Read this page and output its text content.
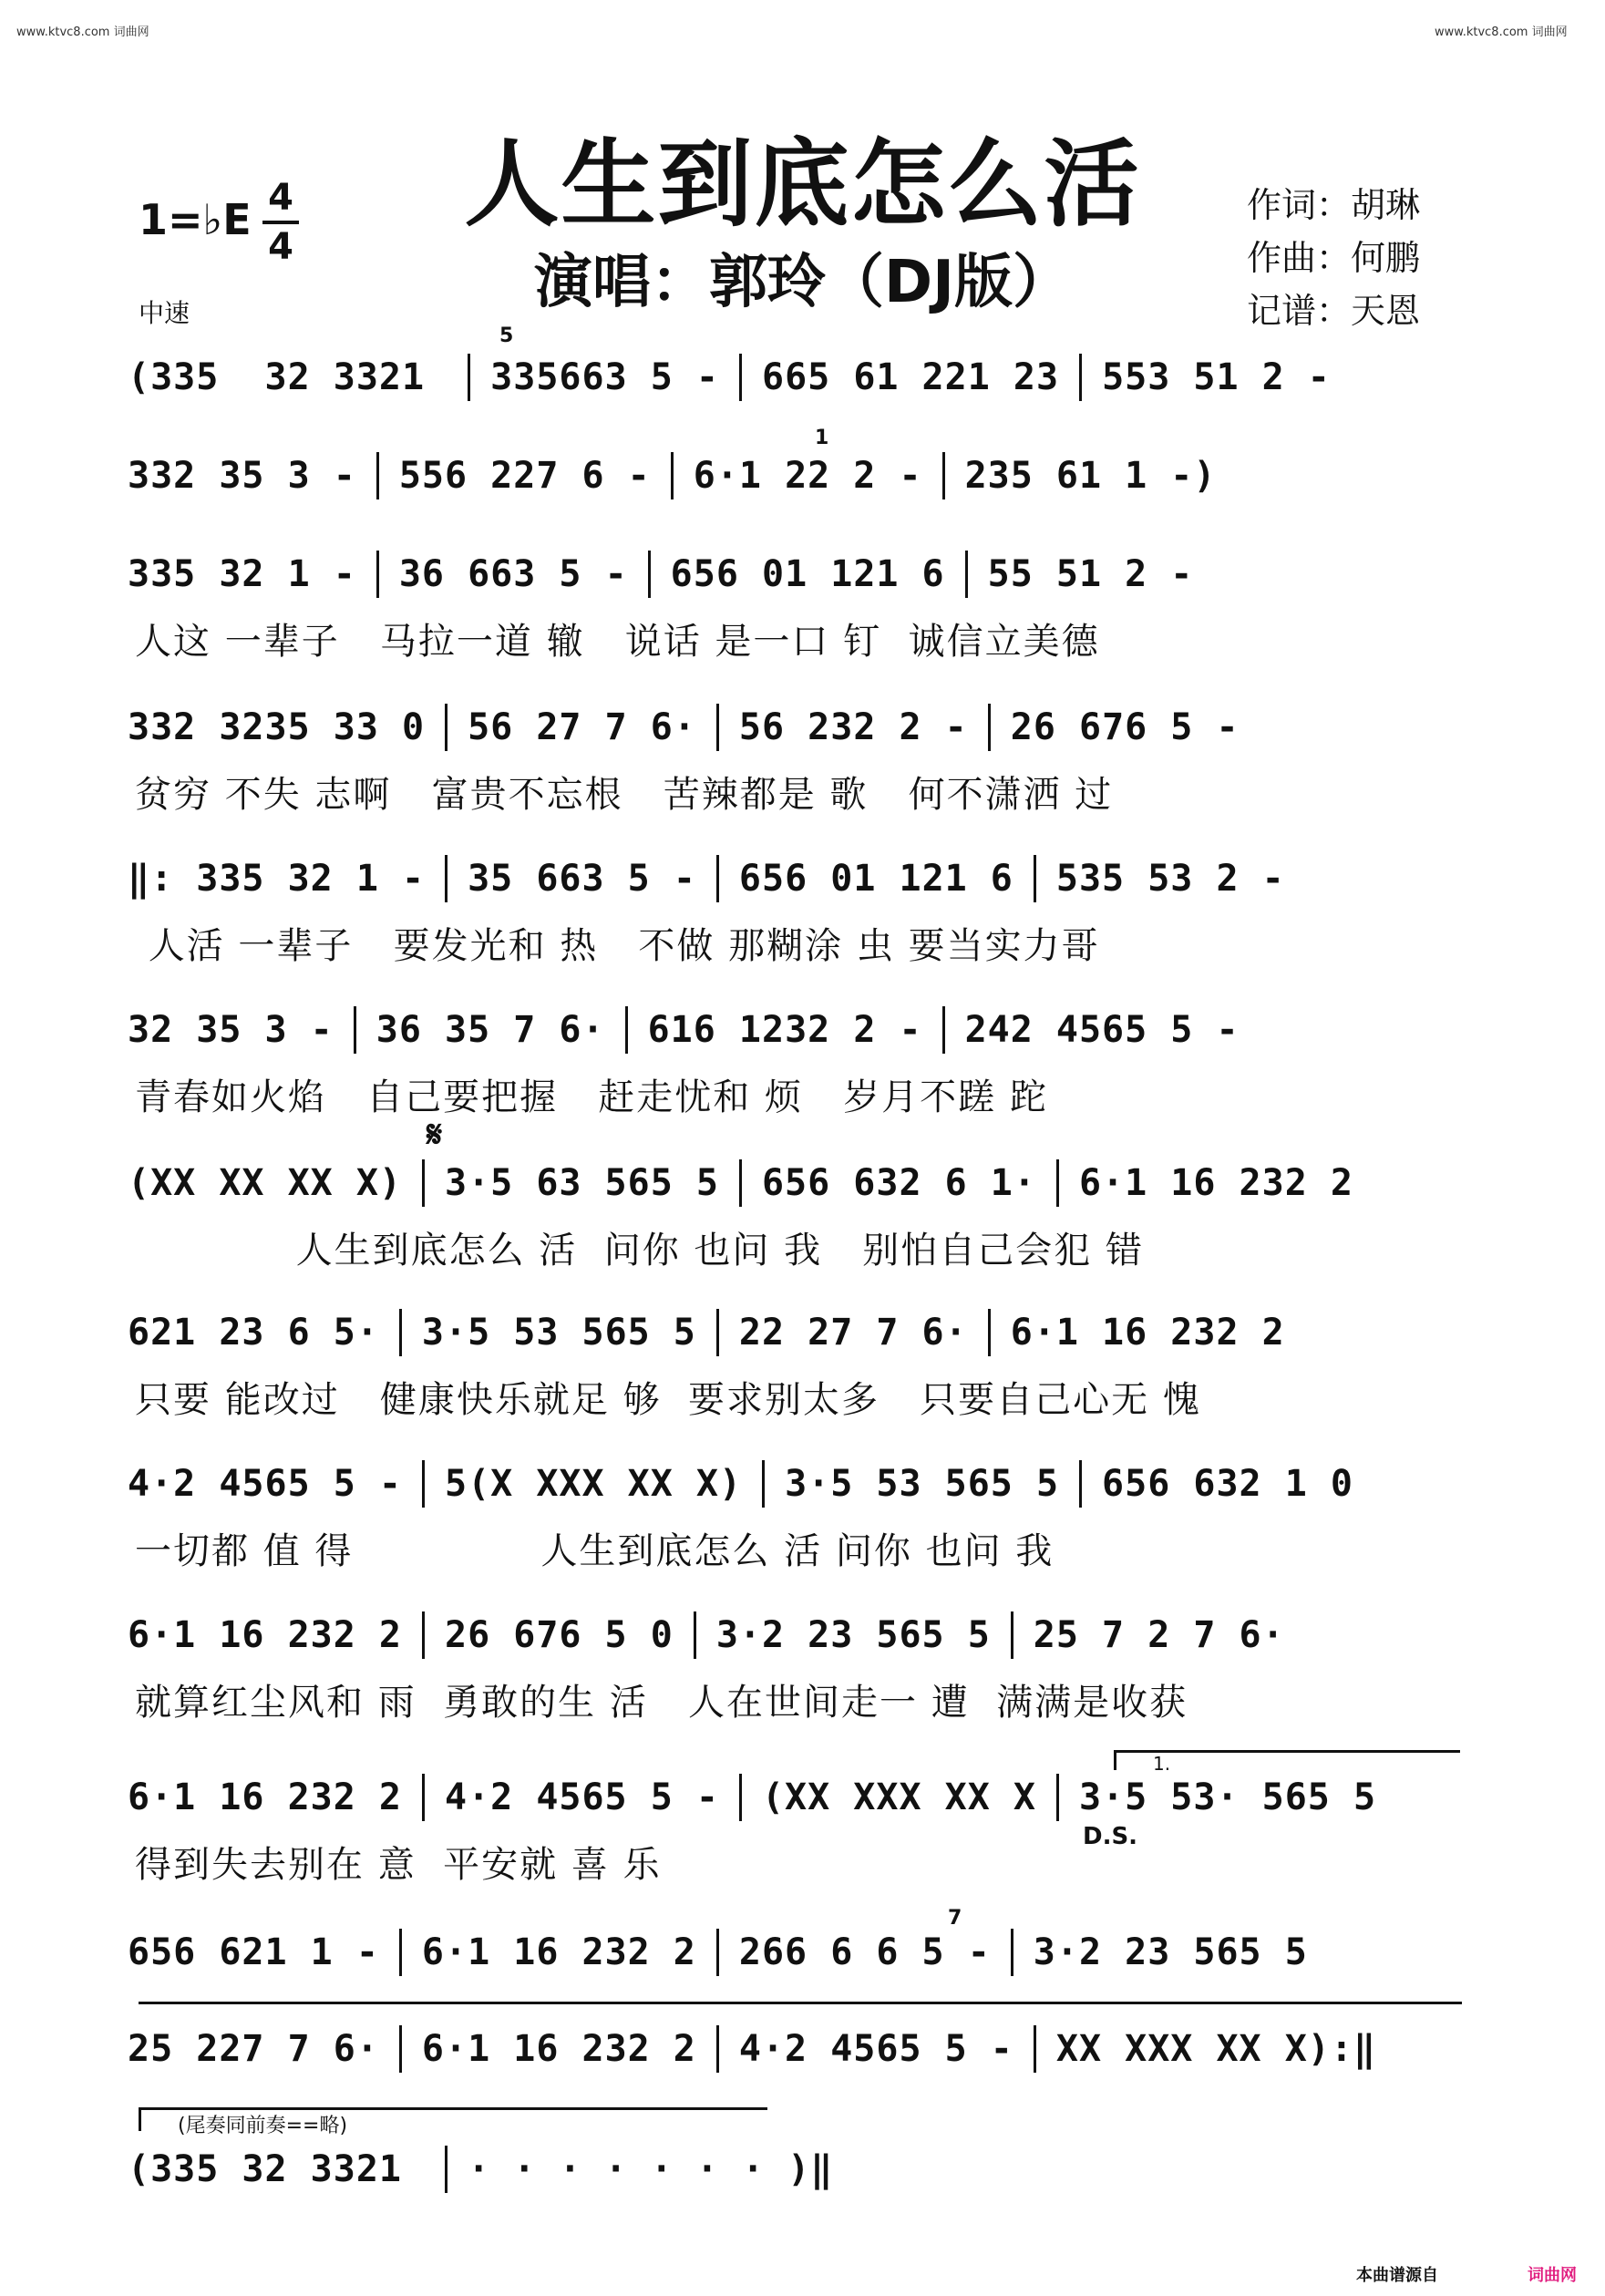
www.ktvc8.com 词曲网	www.ktvc8.com 词曲网
人生到底怎么活
演唱：郭玲（DJ版）
1=♭E 4
4
中速
作词：胡琳
作曲：何鹏
记谱：天恩
(335  32 3321 335663 5 - 665 61 221 23 553 51 2 -
332 35 3 - 556 227 6 - 6·1 22 2 - 235 61 1 -)
335 32 1 - 36 663 5 - 656 01 121 6 55 51 2 -
人这 一辈子   马拉一道 辙   说话 是一口 钉  诚信立美德
332 3235 33 0 56 27 7 6· 56 232 2 - 26 676 5 -
贫穷 不失 志啊   富贵不忘根   苦辣都是 歌   何不潇洒 过
‖: 335 32 1 - 35 663 5 - 656 01 121 6 535 53 2 -
人活 一辈子   要发光和 热   不做 那糊涂 虫 要当实力哥
32 35 3 - 36 35 7 6· 616 1232 2 - 242 4565 5 -
青春如火焰   自己要把握   赶走忧和 烦   岁月不蹉 跎
(XX XX XX X) 3·5 63 565 5 656 632 6 1· 6·1 16 232 2
人生到底怎么 活  问你 也问 我   别怕自己会犯 错
621 23 6 5· 3·5 53 565 5 22 27 7 6· 6·1 16 232 2
只要 能改过   健康快乐就足 够  要求别太多   只要自己心无 愧
4·2 4565 5 - 5(X XXX XX X) 3·5 53 565 5 656 632 1 0
一切都 值 得              人生到底怎么 活 问你 也问 我
6·1 16 232 2 26 676 5 0 3·2 23 565 5 25 7 2 7 6·
就算红尘风和 雨  勇敢的生 活   人在世间走一 遭  满满是收获
6·1 16 232 2 4·2 4565 5 - (XX XXX XX X 3·5 53· 565 5
得到失去别在 意  平安就 喜 乐
656 621 1 - 6·1 16 232 2 266 6 6 5 - 3·2 23 565 5
25 227 7 6· 6·1 16 232 2 4·2 4565 5 - XX XXX XX X):‖
(335 32 3321 · · · · · · · )‖
5
1
7
𝄋
1.
D.S.
(尾奏同前奏==略)
本曲谱源自	词曲网
